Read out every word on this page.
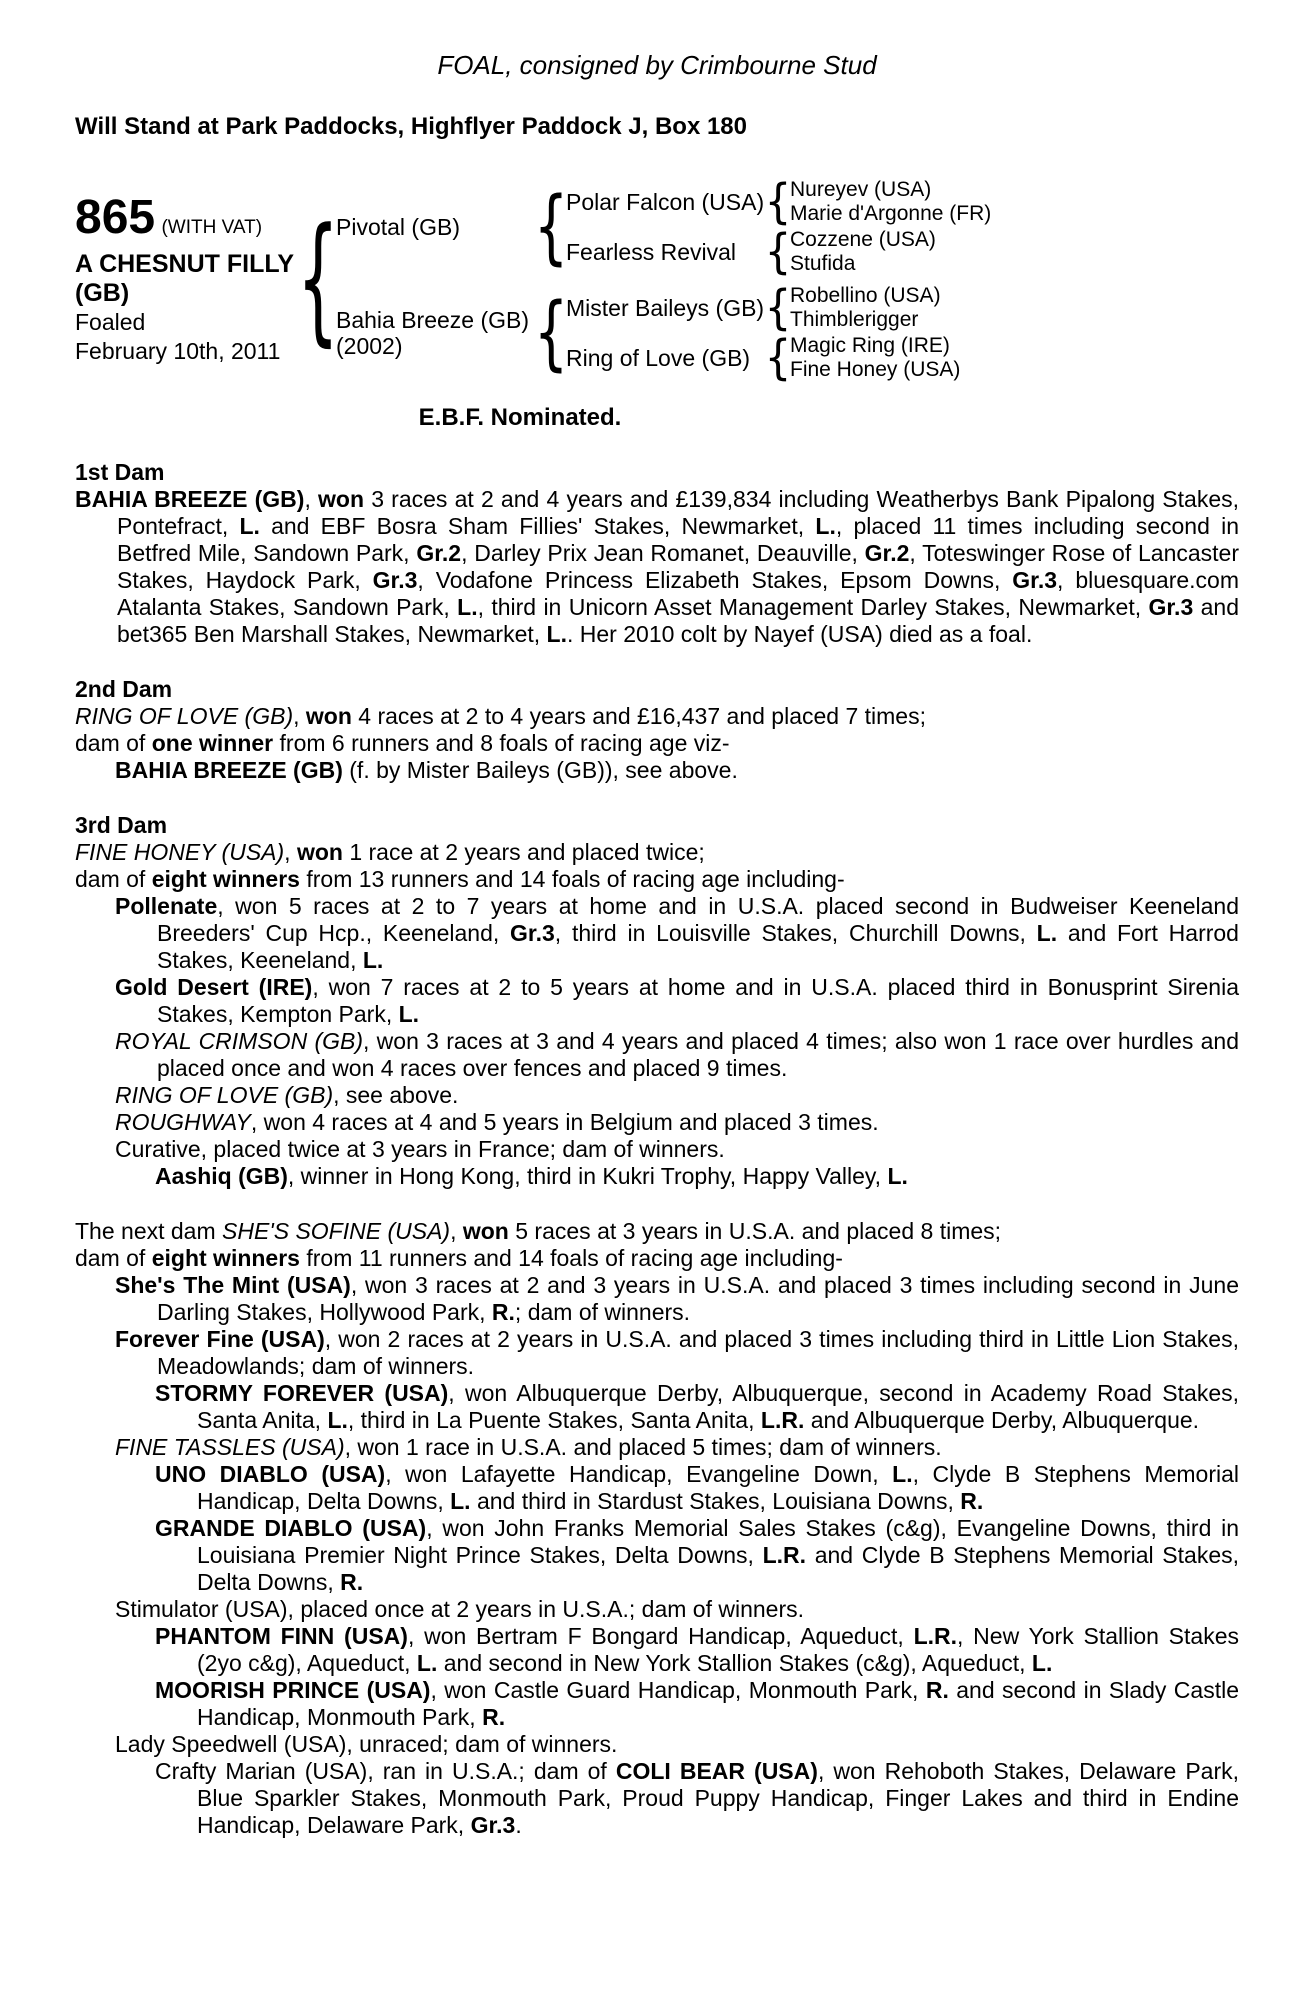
FOAL, consigned by Crimbourne Stud
Will Stand at Park Paddocks, Highflyer Paddock J, Box 180
865 (WITH VAT)
A CHESNUT FILLY
(GB)
Foaled
February 10th, 2011
{
Pivotal (GB)
{
Polar Falcon (USA) { Nureyev (USA)
Marie d'Argonne (FR)
Fearless Revival {	Cozzene (USA)
Stufida
Bahia Breeze (GB)
(2002)
{
Mister Baileys (GB) { Robellino (USA)
Thimblerigger
Ring of Love (GB) {	Magic Ring (IRE)
Fine Honey (USA)
E.B.F. Nominated.
1st Dam
BAHIA BREEZE (GB), won 3 races at 2 and 4 years and £139,834 including Weatherbys Bank Pipalong Stakes, Pontefract, L. and EBF Bosra Sham Fillies' Stakes, Newmarket, L., placed 11 times including second in Betfred Mile, Sandown Park, Gr.2, Darley Prix Jean Romanet, Deauville, Gr.2, Toteswinger Rose of Lancaster Stakes, Haydock Park, Gr.3, Vodafone Princess Elizabeth Stakes, Epsom Downs, Gr.3, bluesquare.com Atalanta Stakes, Sandown Park, L., third in Unicorn Asset Management Darley Stakes, Newmarket, Gr.3 and bet365 Ben Marshall Stakes, Newmarket, L.. Her 2010 colt by Nayef (USA) died as a foal.
2nd Dam
RING OF LOVE (GB), won 4 races at 2 to 4 years and £16,437 and placed 7 times;
dam of one winner from 6 runners and 8 foals of racing age viz-
BAHIA BREEZE (GB) (f. by Mister Baileys (GB)), see above.
3rd Dam
FINE HONEY (USA), won 1 race at 2 years and placed twice;
dam of eight winners from 13 runners and 14 foals of racing age including-
Pollenate, won 5 races at 2 to 7 years at home and in U.S.A. placed second in Budweiser Keeneland Breeders' Cup Hcp., Keeneland, Gr.3, third in Louisville Stakes, Churchill Downs, L. and Fort Harrod Stakes, Keeneland, L.
Gold Desert (IRE), won 7 races at 2 to 5 years at home and in U.S.A. placed third in Bonusprint Sirenia Stakes, Kempton Park, L.
ROYAL CRIMSON (GB), won 3 races at 3 and 4 years and placed 4 times; also won 1 race over hurdles and placed once and won 4 races over fences and placed 9 times.
RING OF LOVE (GB), see above.
ROUGHWAY, won 4 races at 4 and 5 years in Belgium and placed 3 times.
Curative, placed twice at 3 years in France; dam of winners.
Aashiq (GB), winner in Hong Kong, third in Kukri Trophy, Happy Valley, L.
The next dam SHE'S SOFINE (USA), won 5 races at 3 years in U.S.A. and placed 8 times;
dam of eight winners from 11 runners and 14 foals of racing age including-
She's The Mint (USA), won 3 races at 2 and 3 years in U.S.A. and placed 3 times including second in June Darling Stakes, Hollywood Park, R.; dam of winners.
Forever Fine (USA), won 2 races at 2 years in U.S.A. and placed 3 times including third in Little Lion Stakes, Meadowlands; dam of winners.
STORMY FOREVER (USA), won Albuquerque Derby, Albuquerque, second in Academy Road Stakes, Santa Anita, L., third in La Puente Stakes, Santa Anita, L.R. and Albuquerque Derby, Albuquerque.
FINE TASSLES (USA), won 1 race in U.S.A. and placed 5 times; dam of winners.
UNO DIABLO (USA), won Lafayette Handicap, Evangeline Down, L., Clyde B Stephens Memorial Handicap, Delta Downs, L. and third in Stardust Stakes, Louisiana Downs, R.
GRANDE DIABLO (USA), won John Franks Memorial Sales Stakes (c&g), Evangeline Downs, third in Louisiana Premier Night Prince Stakes, Delta Downs, L.R. and Clyde B Stephens Memorial Stakes, Delta Downs, R.
Stimulator (USA), placed once at 2 years in U.S.A.; dam of winners.
PHANTOM FINN (USA), won Bertram F Bongard Handicap, Aqueduct, L.R., New York Stallion Stakes (2yo c&g), Aqueduct, L. and second in New York Stallion Stakes (c&g), Aqueduct, L.
MOORISH PRINCE (USA), won Castle Guard Handicap, Monmouth Park, R. and second in Slady Castle Handicap, Monmouth Park, R.
Lady Speedwell (USA), unraced; dam of winners.
Crafty Marian (USA), ran in U.S.A.; dam of COLI BEAR (USA), won Rehoboth Stakes, Delaware Park, Blue Sparkler Stakes, Monmouth Park, Proud Puppy Handicap, Finger Lakes and third in Endine Handicap, Delaware Park, Gr.3.
